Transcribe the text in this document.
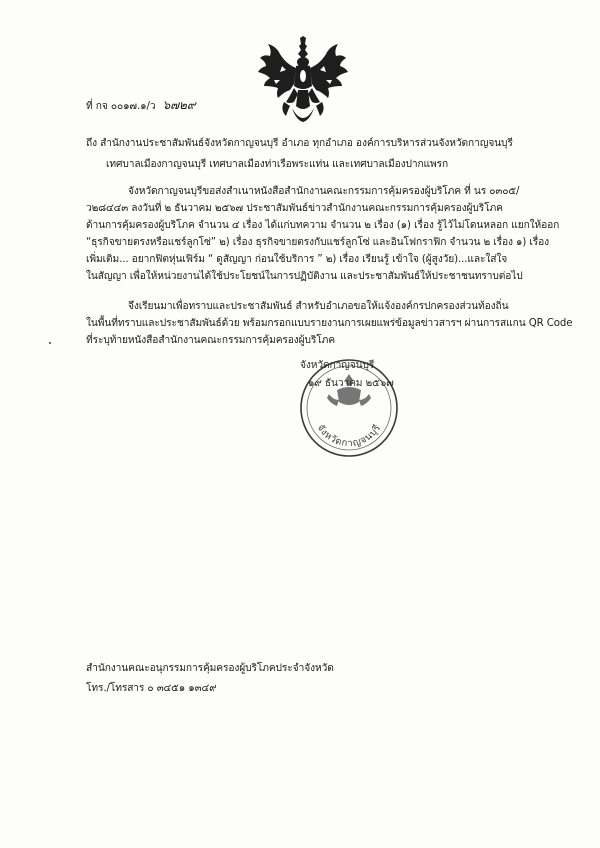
ที่ กจ ๐๐๑๗.๑/ว ๖๗๒๙
ถึง สำนักงานประชาสัมพันธ์จังหวัดกาญจนบุรี อำเภอ ทุกอำเภอ องค์การบริหารส่วนจังหวัดกาญจนบุรี
เทศบาลเมืองกาญจนบุรี เทศบาลเมืองท่าเรือพระแท่น และเทศบาลเมืองปากแพรก
จังหวัดกาญจนบุรีขอส่งสำเนาหนังสือสำนักงานคณะกรรมการคุ้มครองผู้บริโภค ที่ นร ๐๓๐๕/
ว๒๘๔๔๓ ลงวันที่ ๒ ธันวาคม ๒๕๖๗ ประชาสัมพันธ์ข่าวสำนักงานคณะกรรมการคุ้มครองผู้บริโภค
ด้านการคุ้มครองผู้บริโภค จำนวน ๔ เรื่อง ได้แก่บทความ จำนวน ๒ เรื่อง (๑) เรื่อง รู้ไว้ไม่โดนหลอก แยกให้ออก
“ธุรกิจขายตรงหรือแชร์ลูกโซ่” ๒) เรื่อง ธุรกิจขายตรงกับแชร์ลูกโซ่ และอินโฟกราฟิก จำนวน ๒ เรื่อง ๑) เรื่อง
เพิ่มเติม... อยากฟิตหุ่นเฟิร์ม “ ดูสัญญา ก่อนใช้บริการ ” ๒) เรื่อง เรียนรู้ เข้าใจ (ผู้สูงวัย)...และใส่ใจ
ในสัญญา เพื่อให้หน่วยงานได้ใช้ประโยชน์ในการปฏิบัติงาน และประชาสัมพันธ์ให้ประชาชนทราบต่อไป
จึงเรียนมาเพื่อทราบและประชาสัมพันธ์ สำหรับอำเภอขอให้แจ้งองค์กรปกครองส่วนท้องถิ่น
ในพื้นที่ทราบและประชาสัมพันธ์ด้วย พร้อมกรอกแบบรายงานการเผยแพร่ข้อมูลข่าวสารฯ ผ่านการสแกน QR Code
ที่ระบุท้ายหนังสือสำนักงานคณะกรรมการคุ้มครองผู้บริโภค
จังหวัดกาญจนบุรี
จังหวัดกาญจนบุรี
๑๙ ธันวาคม ๒๕๖๗
สำนักงานคณะอนุกรรมการคุ้มครองผู้บริโภคประจำจังหวัด
โทร./โทรสาร ๐ ๓๔๕๑ ๑๓๔๙
